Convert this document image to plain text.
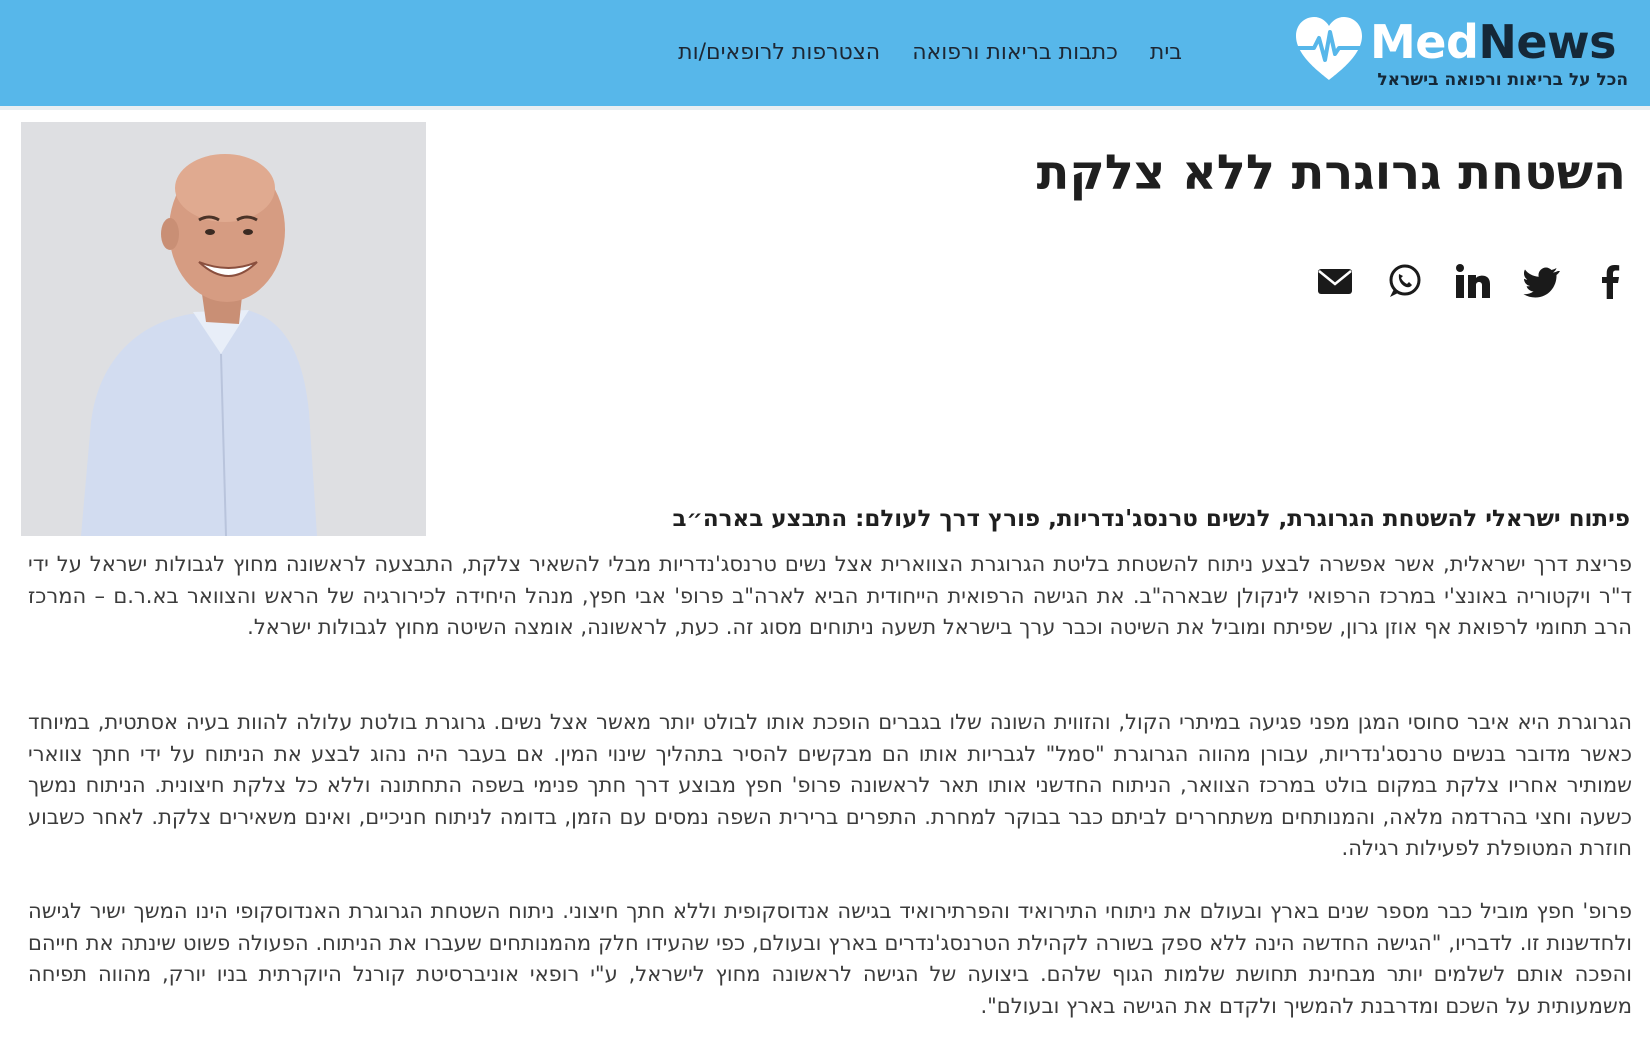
MedNews
הכל על בריאות ורפואה בישראל
בית
כתבות בריאות ורפואה
הצטרפות לרופאים/ות
השטחת גרוגרת ללא צלקת
פיתוח ישראלי להשטחת הגרוגרת, לנשים טרנסג'נדריות, פורץ דרך לעולם: התבצע בארה״ב

פריצת דרך ישראלית, אשר אפשרה לבצע ניתוח להשטחת בליטת הגרוגרת הצווארית אצל נשים טרנסג'נדריות מבלי להשאיר צלקת, התבצעה לראשונה מחוץ לגבולות ישראל על ידי ד"ר ויקטוריה באונצ'י במרכז הרפואי לינקולן שבארה"ב. את הגישה הרפואית הייחודית הביא לארה"ב פרופ' אבי חפץ, מנהל היחידה לכירורגיה של הראש והצוואר בא.ר.ם – המרכז הרב תחומי לרפואת אף אוזן גרון, שפיתח ומוביל את השיטה וכבר ערך בישראל תשעה ניתוחים מסוג זה. כעת, לראשונה, אומצה השיטה מחוץ לגבולות ישראל.

הגרוגרת היא איבר סחוסי המגן מפני פגיעה במיתרי הקול, והזווית השונה שלו בגברים הופכת אותו לבולט יותר מאשר אצל נשים. גרוגרת בולטת עלולה להוות בעיה אסתטית, במיוחד כאשר מדובר בנשים טרנסג'נדריות, עבורן מהווה הגרוגרת "סמל" לגבריות אותו הם מבקשים להסיר בתהליך שינוי המין. אם בעבר היה נהוג לבצע את הניתוח על ידי חתך צווארי שמותיר אחריו צלקת במקום בולט במרכז הצוואר, הניתוח החדשני אותו תאר לראשונה פרופ' חפץ מבוצע דרך חתך פנימי בשפה התחתונה וללא כל צלקת חיצונית. הניתוח נמשך כשעה וחצי בהרדמה מלאה, והמנותחים משתחררים לביתם כבר בבוקר למחרת. התפרים ברירית השפה נמסים עם הזמן, בדומה לניתוח חניכיים, ואינם משאירים צלקת. לאחר כשבוע חוזרת המטופלת לפעילות רגילה.

פרופ' חפץ מוביל כבר מספר שנים בארץ ובעולם את ניתוחי התירואיד והפרתירואיד בגישה אנדוסקופית וללא חתך חיצוני. ניתוח השטחת הגרוגרת האנדוסקופי הינו המשך ישיר לגישה ולחדשנות זו. לדבריו, "הגישה החדשה הינה ללא ספק בשורה לקהילת הטרנסג'נדרים בארץ ובעולם, כפי שהעידו חלק מהמנותחים שעברו את הניתוח. הפעולה פשוט שינתה את חייהם והפכה אותם לשלמים יותר מבחינת תחושת שלמות הגוף שלהם. ביצועה של הגישה לראשונה מחוץ לישראל, ע"י רופאי אוניברסיטת קורנל היוקרתית בניו יורק, מהווה תפיחה משמעותית על השכם ומדרבנת להמשיך ולקדם את הגישה בארץ ובעולם".
